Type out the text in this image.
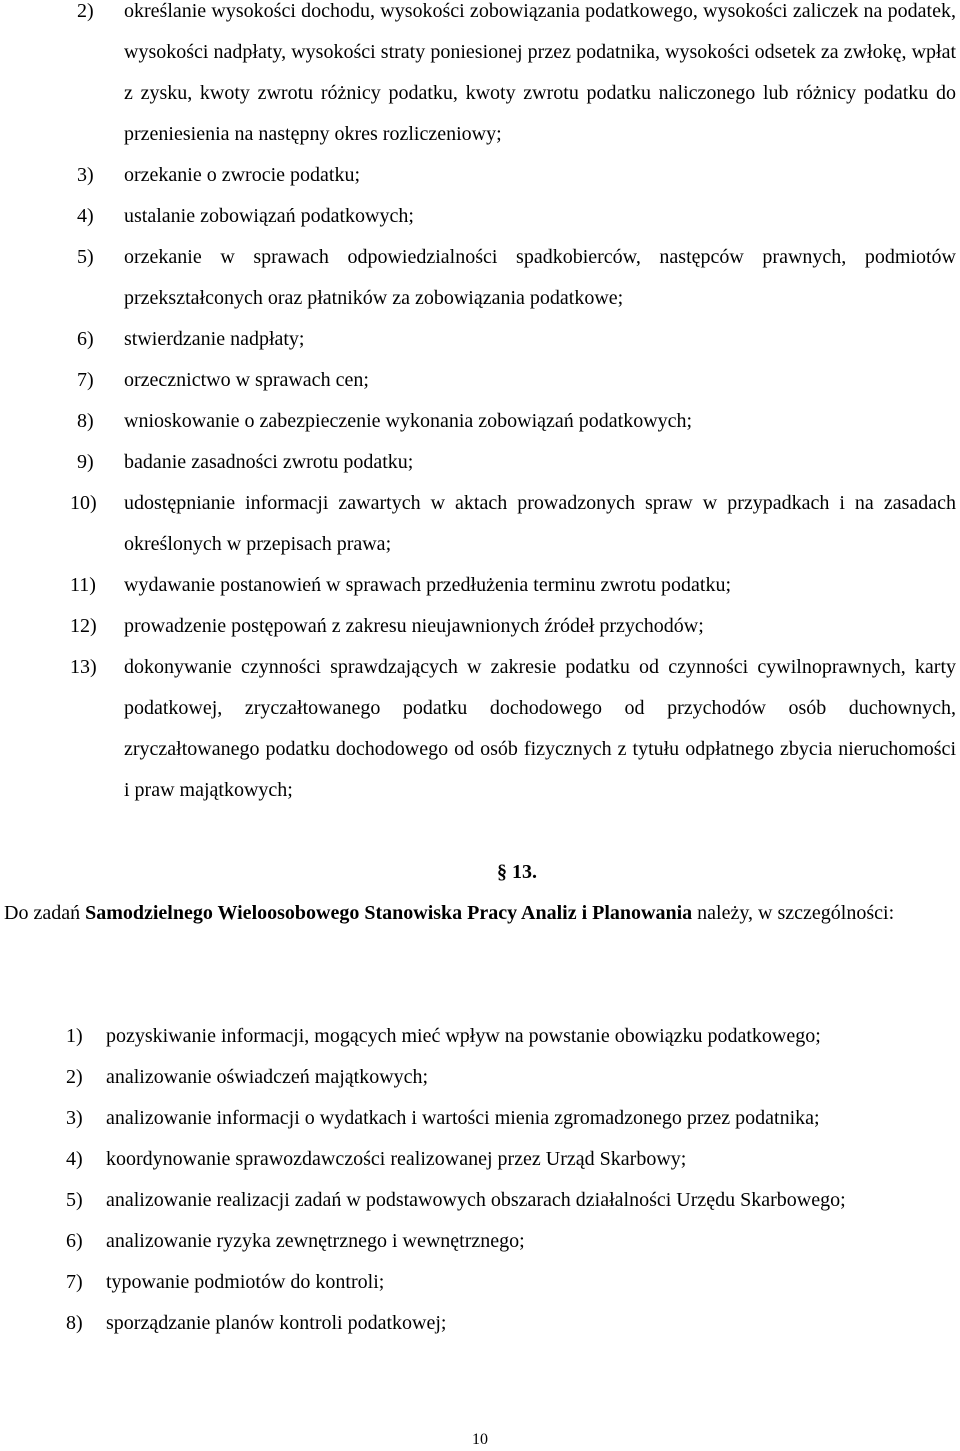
2)	określanie wysokości dochodu, wysokości zobowiązania podatkowego, wysokości zaliczek na podatek, wysokości nadpłaty, wysokości straty poniesionej przez podatnika, wysokości odsetek za zwłokę, wpłat z zysku, kwoty zwrotu różnicy podatku, kwoty zwrotu podatku naliczonego lub różnicy podatku do przeniesienia na następny okres rozliczeniowy;
3)	orzekanie o zwrocie podatku;
4)	ustalanie zobowiązań podatkowych;
5)	orzekanie w sprawach odpowiedzialności spadkobierców, następców prawnych, podmiotów przekształconych oraz płatników za zobowiązania podatkowe;
6)	stwierdzanie nadpłaty;
7)	orzecznictwo w sprawach cen;
8)	wnioskowanie o zabezpieczenie wykonania zobowiązań podatkowych;
9)	badanie zasadności zwrotu podatku;
10)	udostępnianie informacji zawartych w aktach prowadzonych spraw w przypadkach i na zasadach określonych w przepisach prawa;
11)	wydawanie postanowień w sprawach przedłużenia terminu zwrotu podatku;
12)	prowadzenie postępowań z zakresu nieujawnionych źródeł przychodów;
13)	dokonywanie czynności sprawdzających w zakresie podatku od czynności cywilnoprawnych, karty podatkowej, zryczałtowanego podatku dochodowego od przychodów osób duchownych, zryczałtowanego podatku dochodowego od osób fizycznych z tytułu odpłatnego zbycia nieruchomości i praw majątkowych;
§ 13.

Do zadań Samodzielnego Wieloosobowego Stanowiska Pracy Analiz i Planowania należy, w szczególności:

1)	pozyskiwanie informacji, mogących mieć wpływ na powstanie obowiązku podatkowego;
2)	analizowanie oświadczeń majątkowych;
3)	analizowanie informacji o wydatkach i wartości mienia zgromadzonego przez podatnika;
4)	koordynowanie sprawozdawczości realizowanej przez Urząd Skarbowy;
5)	analizowanie realizacji zadań w podstawowych obszarach działalności Urzędu Skarbowego;
6)	analizowanie ryzyka zewnętrznego i wewnętrznego;
7)	typowanie podmiotów do kontroli;
8)	sporządzanie planów kontroli podatkowej;
10
